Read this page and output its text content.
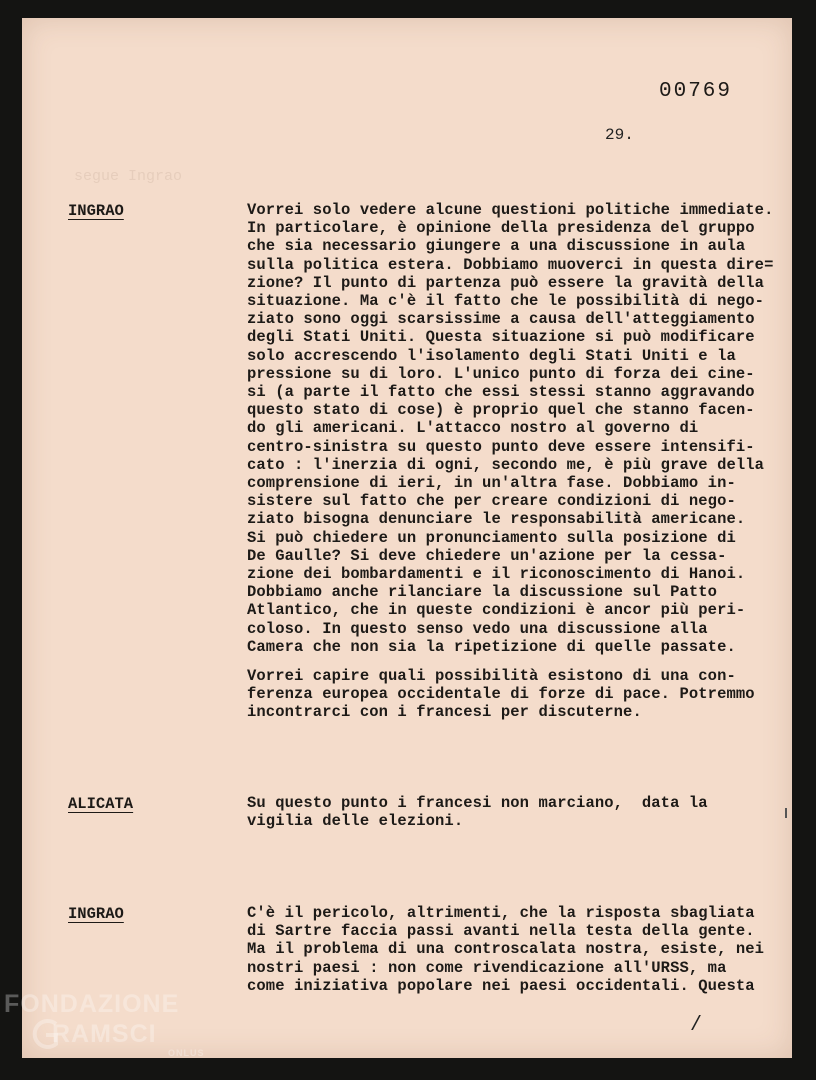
00769
29.
segue Ingrao
INGRAO	Vorrei solo vedere alcune questioni politiche immediate.
In particolare, è opinione della presidenza del gruppo
che sia necessario giungere a una discussione in aula
sulla politica estera. Dobbiamo muoverci in questa dire=
zione? Il punto di partenza può essere la gravità della
situazione. Ma c'è il fatto che le possibilità di nego-
ziato sono oggi scarsissime a causa dell'atteggiamento
degli Stati Uniti. Questa situazione si può modificare
solo accrescendo l'isolamento degli Stati Uniti e la
pressione su di loro. L'unico punto di forza dei cine-
si (a parte il fatto che essi stessi stanno aggravando
questo stato di cose) è proprio quel che stanno facen-
do gli americani. L'attacco nostro al governo di
centro-sinistra su questo punto deve essere intensifi-
cato : l'inerzia di ogni, secondo me, è più grave della
comprensione di ieri, in un'altra fase. Dobbiamo in-
sistere sul fatto che per creare condizioni di nego-
ziato bisogna denunciare le responsabilità americane.
Si può chiedere un pronunciamento sulla posizione di
De Gaulle? Si deve chiedere un'azione per la cessa-
zione dei bombardamenti e il riconoscimento di Hanoi.
Dobbiamo anche rilanciare la discussione sul Patto
Atlantico, che in queste condizioni è ancor più peri-
coloso. In questo senso vedo una discussione alla
Camera che non sia la ripetizione di quelle passate.
Vorrei capire quali possibilità esistono di una con-
ferenza europea occidentale di forze di pace. Potremmo
incontrarci con i francesi per discuterne.
ALICATA	Su questo punto i francesi non marciano,  data la
vigilia delle elezioni.
INGRAO	C'è il pericolo, altrimenti, che la risposta sbagliata
di Sartre faccia passi avanti nella testa della gente.
Ma il problema di una controscalata nostra, esiste, nei
nostri paesi : non come rivendicazione all'URSS, ma
come iniziativa popolare nei paesi occidentali. Questa
/
FONDAZIONE
RAMSCI
ONLUS
